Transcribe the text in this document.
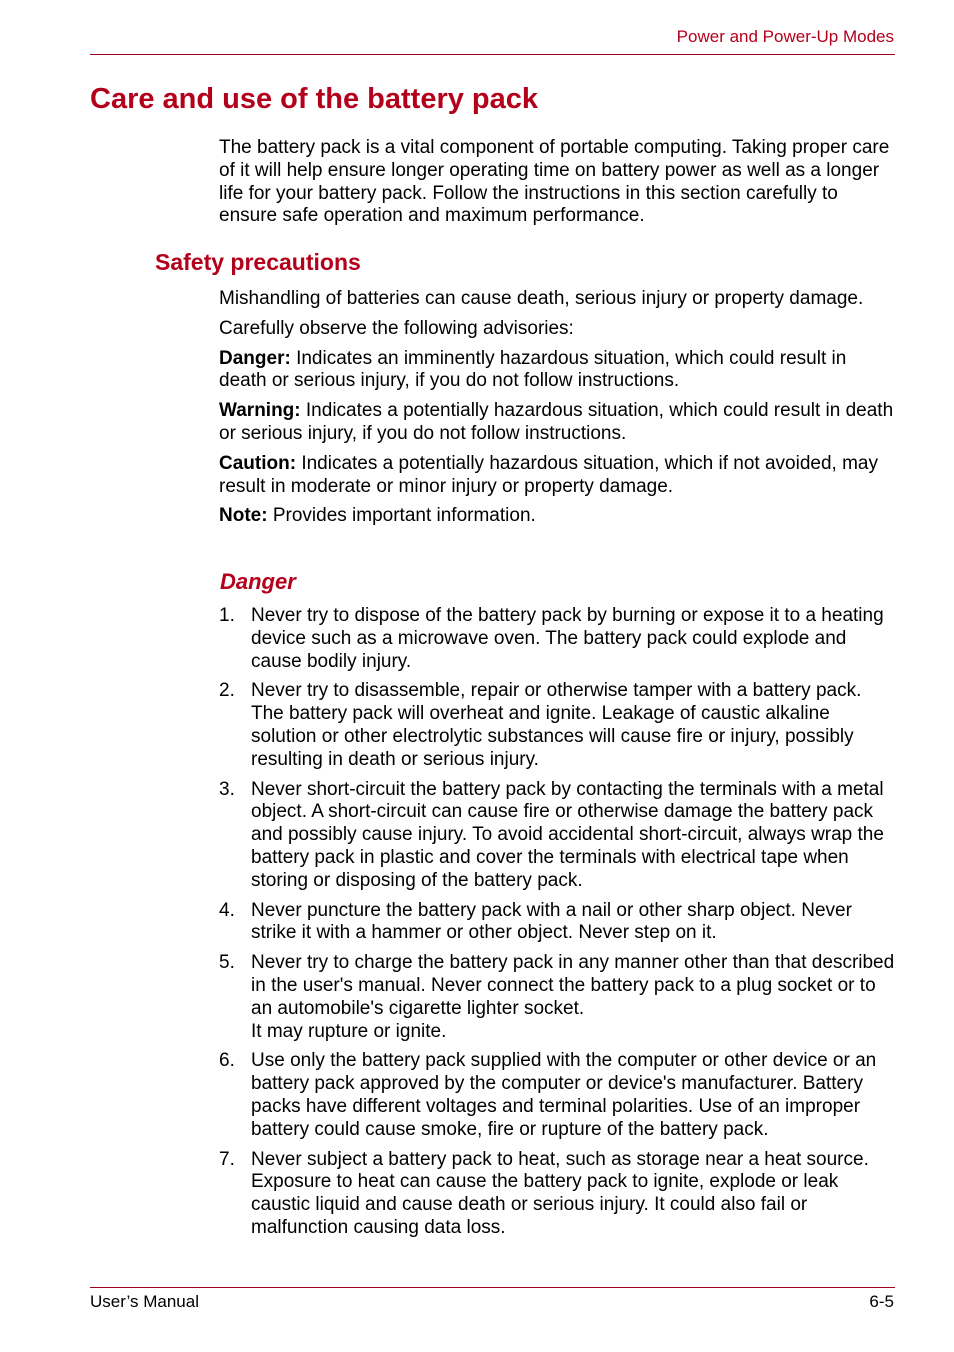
Power and Power-Up Modes
Care and use of the battery pack

The battery pack is a vital component of portable computing. Taking proper care of it will help ensure longer operating time on battery power as well as a longer life for your battery pack. Follow the instructions in this section carefully to ensure safe operation and maximum performance.

Safety precautions

Mishandling of batteries can cause death, serious injury or property damage.

Carefully observe the following advisories:

Danger: Indicates an imminently hazardous situation, which could result in death or serious injury, if you do not follow instructions.

Warning: Indicates a potentially hazardous situation, which could result in death or serious injury, if you do not follow instructions.

Caution: Indicates a potentially hazardous situation, which if not avoided, may result in moderate or minor injury or property damage.

Note: Provides important information.

Danger
1. Never try to dispose of the battery pack by burning or expose it to a heating device such as a microwave oven. The battery pack could explode and cause bodily injury.
2. Never try to disassemble, repair or otherwise tamper with a battery pack. The battery pack will overheat and ignite. Leakage of caustic alkaline solution or other electrolytic substances will cause fire or injury, possibly resulting in death or serious injury.
3. Never short-circuit the battery pack by contacting the terminals with a metal object. A short-circuit can cause fire or otherwise damage the battery pack and possibly cause injury. To avoid accidental short-circuit, always wrap the battery pack in plastic and cover the terminals with electrical tape when storing or disposing of the battery pack.
4. Never puncture the battery pack with a nail or other sharp object. Never strike it with a hammer or other object. Never step on it.
5. Never try to charge the battery pack in any manner other than that described in the user's manual. Never connect the battery pack to a plug socket or to an automobile's cigarette lighter socket.
It may rupture or ignite.
6. Use only the battery pack supplied with the computer or other device or an battery pack approved by the computer or device's manufacturer. Battery packs have different voltages and terminal polarities. Use of an improper battery could cause smoke, fire or rupture of the battery pack.
7. Never subject a battery pack to heat, such as storage near a heat source. Exposure to heat can cause the battery pack to ignite, explode or leak caustic liquid and cause death or serious injury. It could also fail or malfunction causing data loss.
User’s Manual	6-5
